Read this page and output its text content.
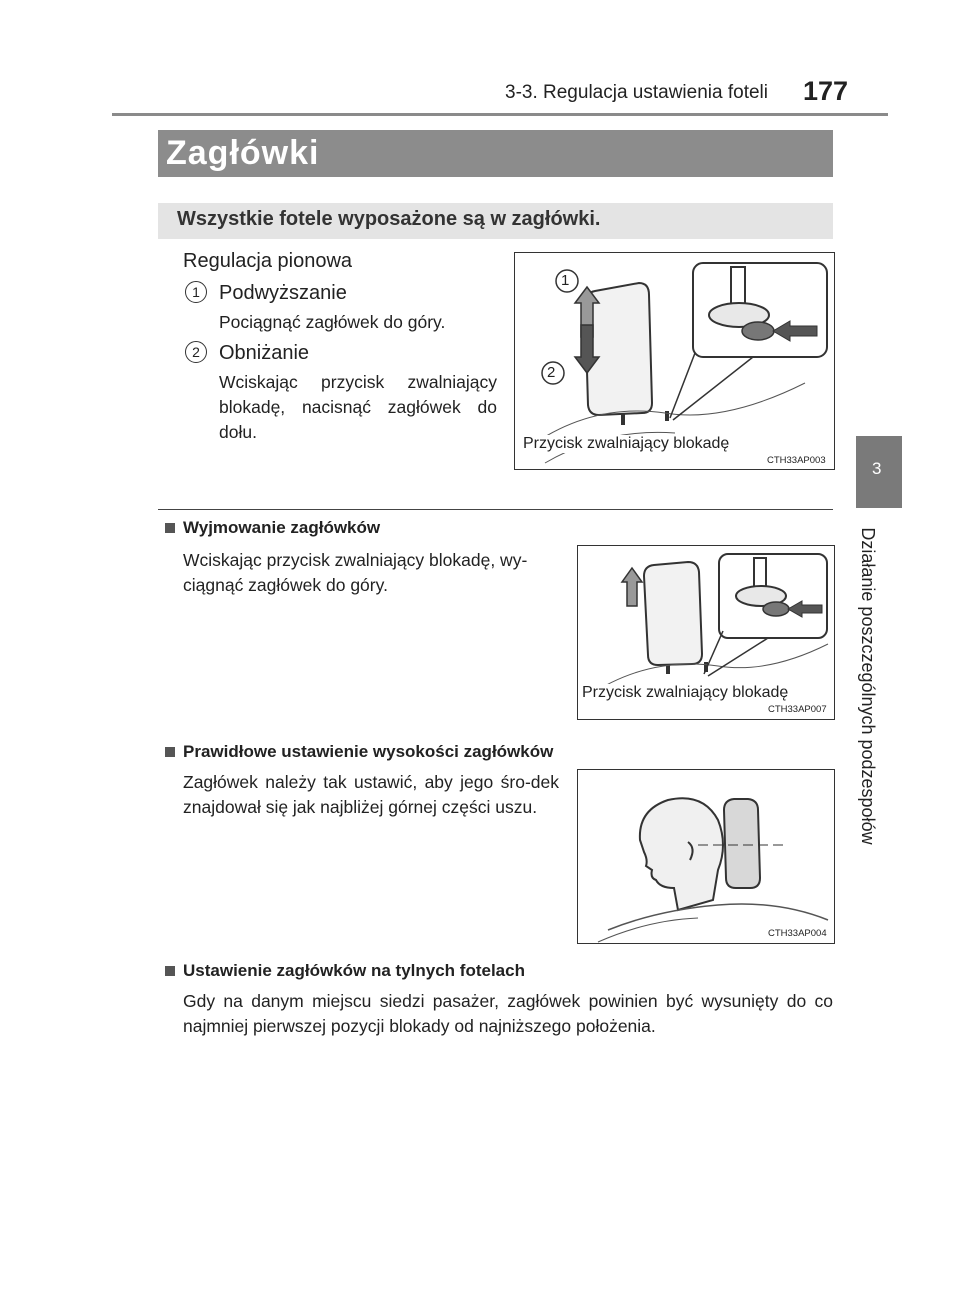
3-3. Regulacja ustawienia foteli 177
Zagłówki
Wszystkie fotele wyposażone są w zagłówki.
3
Działanie poszczególnych podzespołów
Regulacja pionowa
1 Podwyższanie
Pociągnąć zagłówek do góry.
2 Obniżanie
Wciskając przycisk zwalniający blokadę, nacisnąć zagłówek do dołu.
1
2
Przycisk zwalniający blokadę
CTH33AP003
Wyjmowanie zagłówków
Wciskając przycisk zwalniający blokadę, wy-ciągnąć zagłówek do góry.
Przycisk zwalniający blokadę
CTH33AP007
Prawidłowe ustawienie wysokości zagłówków
Zagłówek należy tak ustawić, aby jego śro-dek znajdował się jak najbliżej górnej części uszu.
CTH33AP004
Ustawienie zagłówków na tylnych fotelach
Gdy na danym miejscu siedzi pasażer, zagłówek powinien być wysunięty do co najmniej pierwszej pozycji blokady od najniższego położenia.
